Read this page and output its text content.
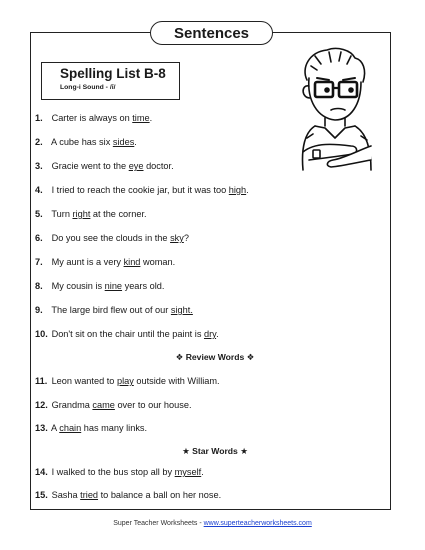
Sentences
Spelling List B-8
Long-i Sound - /ī/
1. Carter is always on time.
2. A cube has six sides.
3. Gracie went to the eye doctor.
4. I tried to reach the cookie jar, but it was too high.
5. Turn right at the corner.
6. Do you see the clouds in the sky?
7. My aunt is a very kind woman.
8. My cousin is nine years old.
9. The large bird flew out of our sight.
10. Don't sit on the chair until the paint is dry.
❖ Review Words ❖
11. Leon wanted to play outside with William.
12. Grandma came over to our house.
13. A chain has many links.
★ Star Words ★
14. I walked to the bus stop all by myself.
15. Sasha tried to balance a ball on her nose.
Super Teacher Worksheets - www.superteacherworksheets.com
